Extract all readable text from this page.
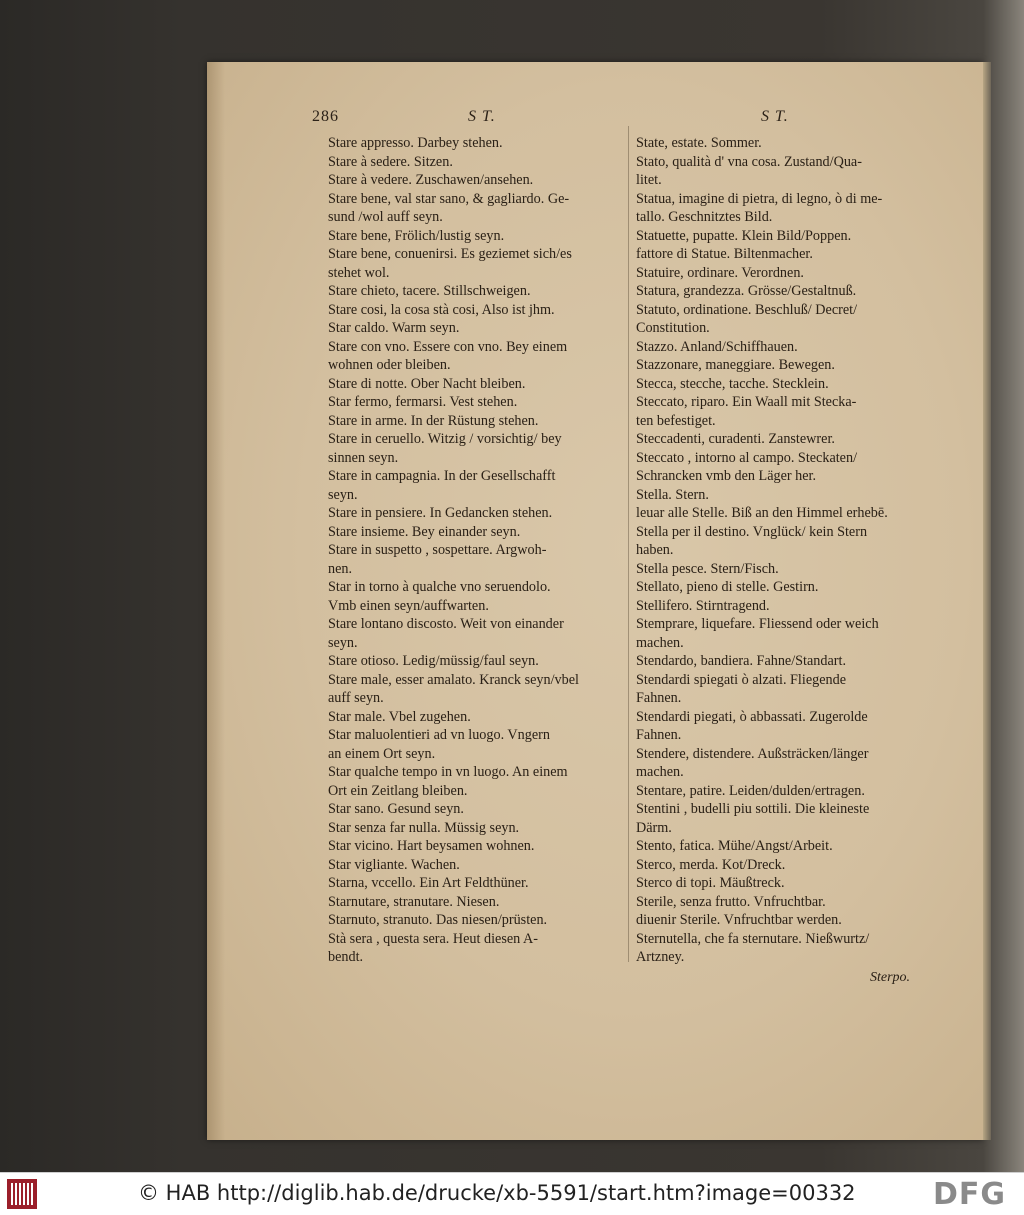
286	S T.	S T.
Stare appresso. Darbey stehen.
Stare à sedere. Sitzen.
Stare à vedere. Zuschawen/ansehen.
Stare bene, val star sano, & gagliardo. Ge-
sund /wol auff seyn.
Stare bene, Frölich/lustig seyn.
Stare bene, conuenirsi. Es geziemet sich/es
stehet wol.
Stare chieto, tacere. Stillschweigen.
Stare cosi, la cosa stà cosi, Also ist jhm.
Star caldo. Warm seyn.
Stare con vno. Essere con vno. Bey einem
wohnen oder bleiben.
Stare di notte. Ober Nacht bleiben.
Star fermo, fermarsi. Vest stehen.
Stare in arme. In der Rüstung stehen.
Stare in ceruello. Witzig / vorsichtig/ bey
sinnen seyn.
Stare in campagnia. In der Gesellschafft
seyn.
Stare in pensiere. In Gedancken stehen.
Stare insieme. Bey einander seyn.
Stare in suspetto , sospettare. Argwoh-
nen.
Star in torno à qualche vno seruendolo.
Vmb einen seyn/auffwarten.
Stare lontano discosto. Weit von einander
seyn.
Stare otioso. Ledig/müssig/faul seyn.
Stare male, esser amalato. Kranck seyn/vbel
auff seyn.
Star male. Vbel zugehen.
Star maluolentieri ad vn luogo. Vngern
an einem Ort seyn.
Star qualche tempo in vn luogo. An einem
Ort ein Zeitlang bleiben.
Star sano. Gesund seyn.
Star senza far nulla. Müssig seyn.
Star vicino. Hart beysamen wohnen.
Star vigliante. Wachen.
Starna, vccello. Ein Art Feldthüner.
Starnutare, stranutare. Niesen.
Starnuto, stranuto. Das niesen/prüsten.
Stà sera , questa sera. Heut diesen A-
bendt.
State, estate. Sommer.
Stato, qualità d' vna cosa. Zustand/Qua-
litet.
Statua, imagine di pietra, di legno, ò di me-
tallo. Geschnitztes Bild.
Statuette, pupatte. Klein Bild/Poppen.
fattore di Statue. Biltenmacher.
Statuire, ordinare. Verordnen.
Statura, grandezza. Grösse/Gestaltnuß.
Statuto, ordinatione. Beschluß/ Decret/
Constitution.
Stazzo. Anland/Schiffhauen.
Stazzonare, maneggiare. Bewegen.
Stecca, stecche, tacche. Stecklein.
Steccato, riparo. Ein Waall mit Stecka-
ten befestiget.
Steccadenti, curadenti. Zanstewrer.
Steccato , intorno al campo. Steckaten/
Schrancken vmb den Läger her.
Stella. Stern.
leuar alle Stelle. Biß an den Himmel erhebē.
Stella per il destino. Vnglück/ kein Stern
haben.
Stella pesce. Stern/Fisch.
Stellato, pieno di stelle. Gestirn.
Stellifero. Stirntragend.
Stemprare, liquefare. Fliessend oder weich
machen.
Stendardo, bandiera. Fahne/Standart.
Stendardi spiegati ò alzati. Fliegende
Fahnen.
Stendardi piegati, ò abbassati. Zugerolde
Fahnen.
Stendere, distendere. Außsträcken/länger
machen.
Stentare, patire. Leiden/dulden/ertragen.
Stentini , budelli piu sottili. Die kleineste
Därm.
Stento, fatica. Mühe/Angst/Arbeit.
Sterco, merda. Kot/Dreck.
Sterco di topi. Mäußtreck.
Sterile, senza frutto. Vnfruchtbar.
diuenir Sterile. Vnfruchtbar werden.
Sternutella, che fa sternutare. Nießwurtz/
Artzney.
Sterpo.
© HAB http://diglib.hab.de/drucke/xb-5591/start.htm?image=00332	DFG
